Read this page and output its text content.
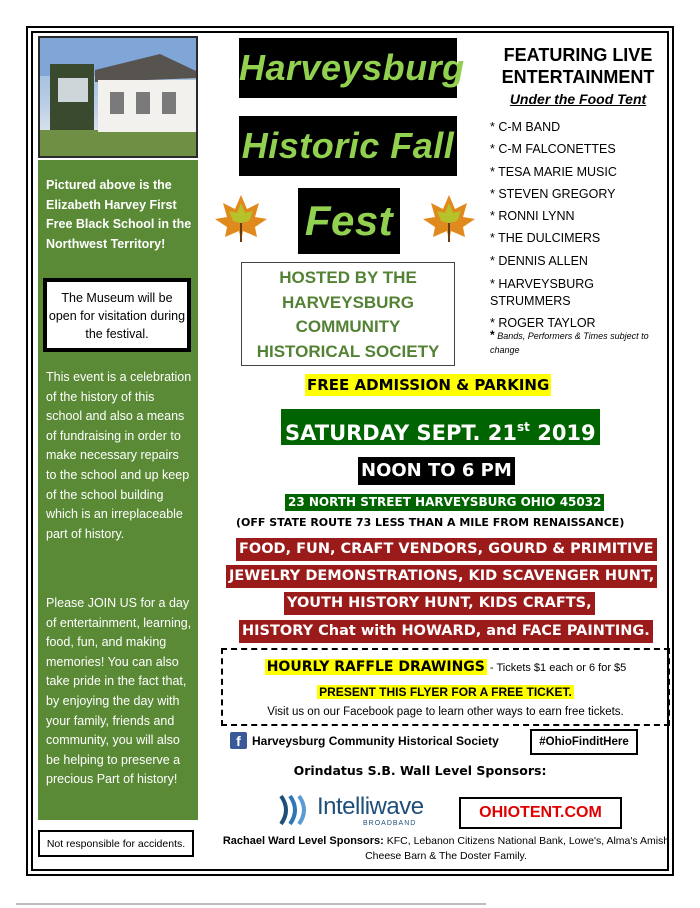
Pictured above is the Elizabeth Harvey First Free Black School in the Northwest Territory!
The Museum will be open for visitation during the festival.
This event is a celebration of the history of this school and also a means of fundraising in order to make necessary repairs to the school and up keep of the school building which is an irreplaceable part of history.
Please JOIN US for a day of entertainment, learning, food, fun, and making memories! You can also take pride in the fact that, by enjoying the day with your family, friends and community, you will also be helping to preserve a precious Part of history!
Not responsible for accidents.
Harveysburg
Historic Fall
Fest
HOSTED BY THE HARVEYSBURG COMMUNITY HISTORICAL SOCIETY
FEATURING LIVE ENTERTAINMENT
Under the Food Tent
* C-M BAND
* C-M FALCONETTES
* TESA MARIE MUSIC
* STEVEN GREGORY
* RONNI LYNN
* THE DULCIMERS
* DENNIS ALLEN
* HARVEYSBURG STRUMMERS
* ROGER TAYLOR
* Bands, Performers & Times subject to change
FREE ADMISSION & PARKING
SATURDAY SEPT. 21st 2019
NOON TO 6 PM
23 NORTH STREET HARVEYSBURG OHIO 45032
(OFF STATE ROUTE 73 LESS THAN A MILE FROM RENAISSANCE)
FOOD, FUN, CRAFT VENDORS, GOURD & PRIMITIVE
JEWELRY DEMONSTRATIONS, KID SCAVENGER HUNT,
YOUTH HISTORY HUNT, KIDS CRAFTS,
HISTORY Chat with HOWARD, and FACE PAINTING.
HOURLY RAFFLE DRAWINGS - Tickets $1 each or 6 for $5
PRESENT THIS FLYER FOR A FREE TICKET.
Visit us on our Facebook page to learn other ways to earn free tickets.
f Harveysburg Community Historical Society	#OhioFinditHere
Orindatus S.B. Wall Level Sponsors:
Intelliwave
BROADBAND
OHIOTENT.COM
Rachael Ward Level Sponsors: KFC, Lebanon Citizens National Bank, Lowe's, Alma's Amish Cheese Barn & The Doster Family.
